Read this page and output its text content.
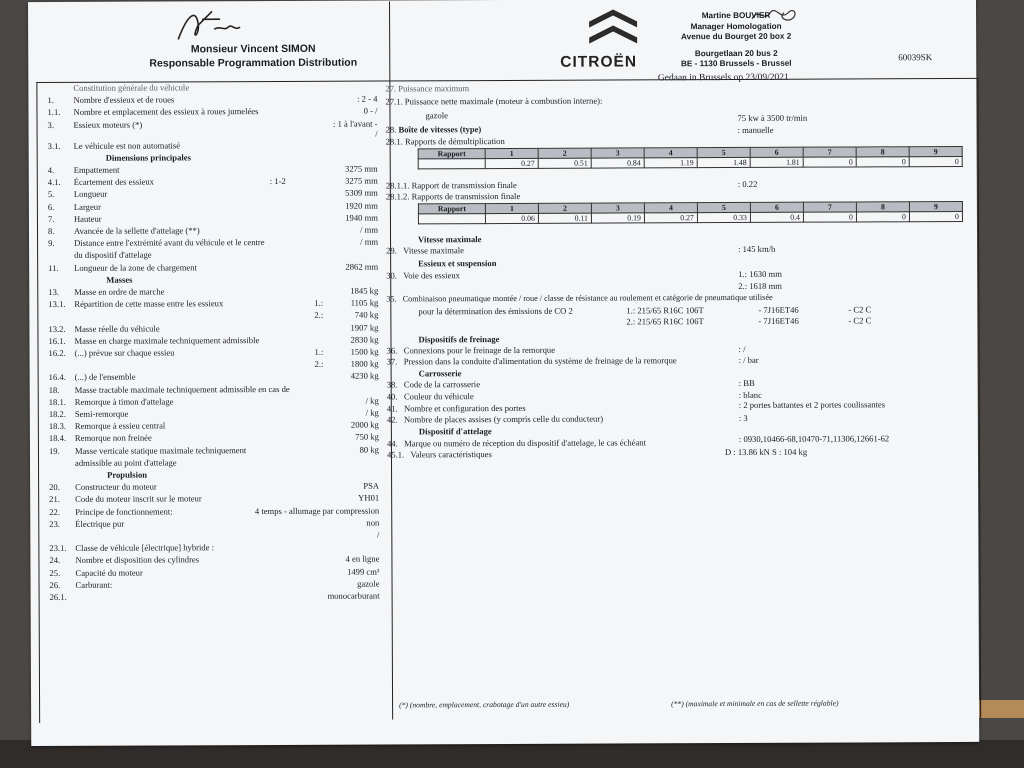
Monsieur Vincent SIMON
Responsable Programmation Distribution	CITROËN
Martine BOUVIER
Manager Homologation
Avenue du Bourget 20 box 2
Bourgetlaan 20 bus 2
BE - 1130 Brussels - Brussel
Gedaan in Brussels op 23/09/2021
60039SK
Constitution générale du véhicule
1. Nombre d'essieux et de roues	: 2 - 4
1.1. Nombre et emplacement des essieux à roues jumelées	0 - /
3. Essieux moteurs (*)	: 1 à l'avant -
/
3.1. Le véhicule est non automatisé
Dimensions principales
4. Empattement	3275 mm
4.1. Écartement des essieux	: 1-2	3275 mm
5. Longueur	5309 mm
6. Largeur	1920 mm
7. Hauteur	1940 mm
8. Avancée de la sellette d'attelage (**)	/ mm
9. Distance entre l'extrémité avant du véhicule et le centre	/ mm
du dispositif d'attelage
11. Longueur de la zone de chargement	2862 mm
Masses
13. Masse en ordre de marche	1845 kg
13.1. Répartition de cette masse entre les essieux	1.:	1105 kg
2.:	740 kg
13.2. Masse réelle du véhicule	1907 kg
16.1. Masse en charge maximale techniquement admissible	2830 kg
16.2. (...) prévue sur chaque essieu	1.:	1500 kg
2.:	1800 kg
16.4. (...) de l'ensemble	4230 kg
18. Masse tractable maximale techniquement admissible en cas de
18.1. Remorque à timon d'attelage	/ kg
18.2. Semi-remorque	/ kg
18.3. Remorque à essieu central	2000 kg
18.4. Remorque non freinée	750 kg
19. Masse verticale statique maximale techniquement	80 kg
admissible au point d'attelage
Propulsion
20. Constructeur du moteur	PSA
21. Code du moteur inscrit sur le moteur	YH01
22. Principe de fonctionnement:	4 temps - allumage par compression
23. Électrique pur	non
/
23.1. Classe de véhicule [électrique] hybride :
24. Nombre et disposition des cylindres	4 en ligne
25. Capacité du moteur	1499 cm³
26. Carburant:	gazole
26.1.	monocarburant
27. Puissance maximum
27.1. Puissance nette maximale (moteur à combustion interne):
gazole	75 kw à 3500 tr/min
28. Boîte de vitesses (type)	: manuelle
28.1. Rapports de démultiplication
Rapport	1	2	3	4	5	6	7	8	9
	0.27	0.51	0.84	1.19	1.48	1.81	0	0	0
28.1.1. Rapport de transmission finale	: 0.22
28.1.2. Rapports de transmission finale
Rapport	1	2	3	4	5	6	7	8	9
	0.06	0.11	0.19	0.27	0.33	0.4	0	0	0
Vitesse maximale
29. Vitesse maximale	: 145 km/h
Essieux et suspension
30. Voie des essieux	1.: 1630 mm
2.: 1618 mm
35. Combinaison pneumatique montée / roue / classe de résistance au roulement et catégorie de pneumatique utilisée
pour la détermination des émissions de CO 2	1.: 215/65 R16C 106T	- 7J16ET46	- C2 C
2.: 215/65 R16C 106T	- 7J16ET46	- C2 C
Dispositifs de freinage
36. Connexions pour le freinage de la remorque	: /
37. Pression dans la conduite d'alimentation du système de freinage de la remorque	: / bar
Carrosserie
38. Code de la carrosserie	: BB
40. Couleur du véhicule	: blanc
41. Nombre et configuration des portes	: 2 portes battantes et 2 portes coulissantes
42. Nombre de places assises (y compris celle du conducteur)	: 3
Dispositif d'attelage
44. Marque ou numéro de réception du dispositif d'attelage, le cas échéant	: 0930,10466-68,10470-71,11306,12661-62
45.1. Valeurs caractéristiques	D : 13.86 kN S : 104 kg
(*) (nombre, emplacement, crabotage d'un autre essieu)	(**) (maximale et minimale en cas de sellette réglable)
